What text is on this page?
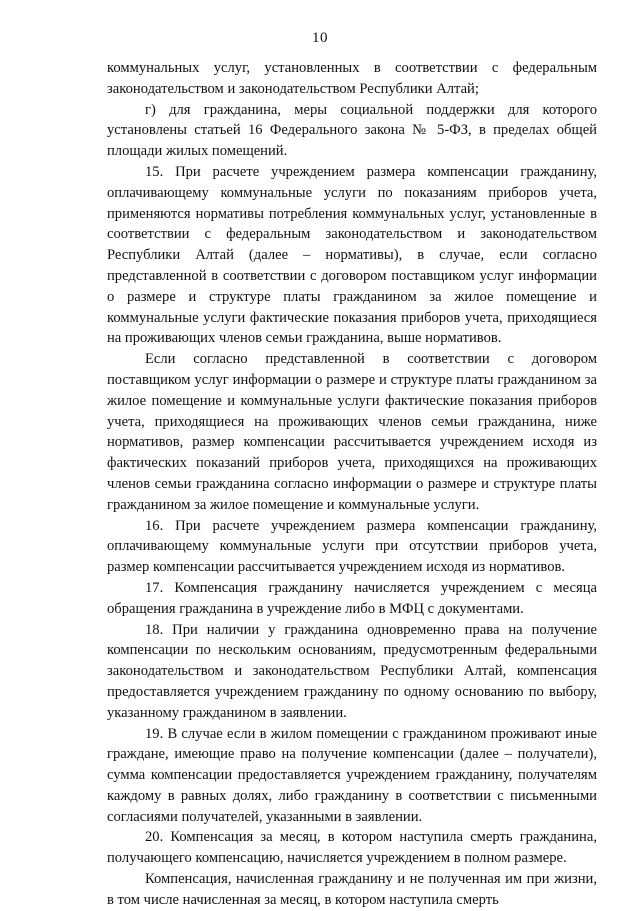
10

коммунальных услуг, установленных в соответствии с федеральным законодательством и законодательством Республики Алтай;

г) для гражданина, меры социальной поддержки для которого установлены статьей 16 Федерального закона № 5-ФЗ, в пределах общей площади жилых помещений.

15. При расчете учреждением размера компенсации гражданину, оплачивающему коммунальные услуги по показаниям приборов учета, применяются нормативы потребления коммунальных услуг, установленные в соответствии с федеральным законодательством и законодательством Республики Алтай (далее – нормативы), в случае, если согласно представленной в соответствии с договором поставщиком услуг информации о размере и структуре платы гражданином за жилое помещение и коммунальные услуги фактические показания приборов учета, приходящиеся на проживающих членов семьи гражданина, выше нормативов.

Если согласно представленной в соответствии с договором поставщиком услуг информации о размере и структуре платы гражданином за жилое помещение и коммунальные услуги фактические показания приборов учета, приходящиеся на проживающих членов семьи гражданина, ниже нормативов, размер компенсации рассчитывается учреждением исходя из фактических показаний приборов учета, приходящихся на проживающих членов семьи гражданина согласно информации о размере и структуре платы гражданином за жилое помещение и коммунальные услуги.

16. При расчете учреждением размера компенсации гражданину, оплачивающему коммунальные услуги при отсутствии приборов учета, размер компенсации рассчитывается учреждением исходя из нормативов.

17. Компенсация гражданину начисляется учреждением с месяца обращения гражданина в учреждение либо в МФЦ с документами.

18. При наличии у гражданина одновременно права на получение компенсации по нескольким основаниям, предусмотренным федеральными законодательством и законодательством Республики Алтай, компенсация предоставляется учреждением гражданину по одному основанию по выбору, указанному гражданином в заявлении.

19. В случае если в жилом помещении с гражданином проживают иные граждане, имеющие право на получение компенсации (далее – получатели), сумма компенсации предоставляется учреждением гражданину, получателям каждому в равных долях, либо гражданину в соответствии с письменными согласиями получателей, указанными в заявлении.

20. Компенсация за месяц, в котором наступила смерть гражданина, получающего компенсацию, начисляется учреждением в полном размере.

Компенсация, начисленная гражданину и не полученная им при жизни, в том числе начисленная за месяц, в котором наступила смерть
